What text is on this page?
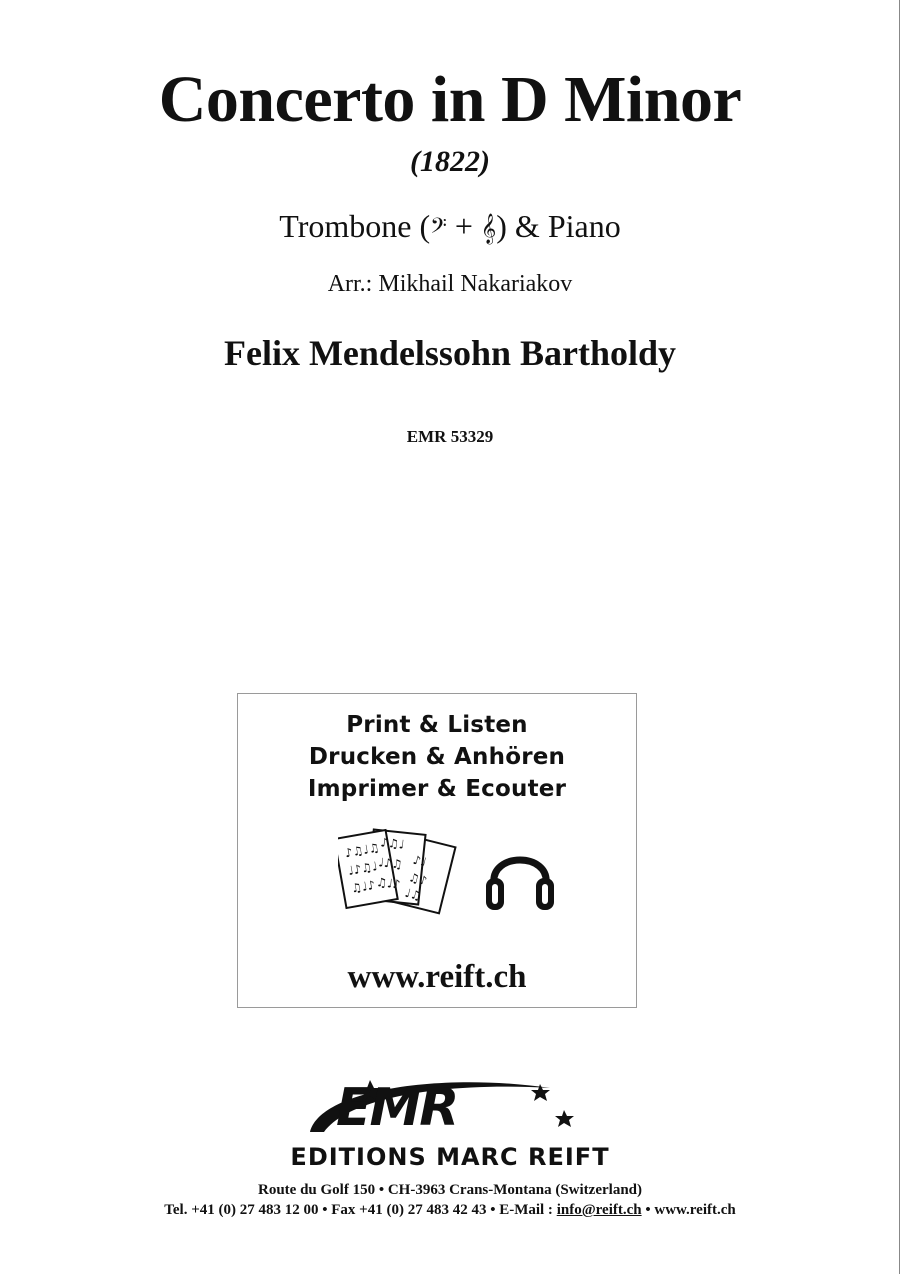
Concerto in D Minor
(1822)
Trombone (𝄢 + 𝄞) & Piano
Arr.: Mikhail Nakariakov
Felix Mendelssohn Bartholdy
EMR 53329
Print & Listen
Drucken & Anhören
Imprimer & Ecouter
♪♫♩♫
♩♪♫♩
♫♩♪
♪♫♩
♩♪♫
♫♩♪
♪♩
♫♪
♩♫
www.reift.ch
EMR
EDITIONS MARC REIFT
Route du Golf 150 • CH-3963 Crans-Montana (Switzerland)
Tel. +41 (0) 27 483 12 00 • Fax +41 (0) 27 483 42 43 • E-Mail : info@reift.ch • www.reift.ch
